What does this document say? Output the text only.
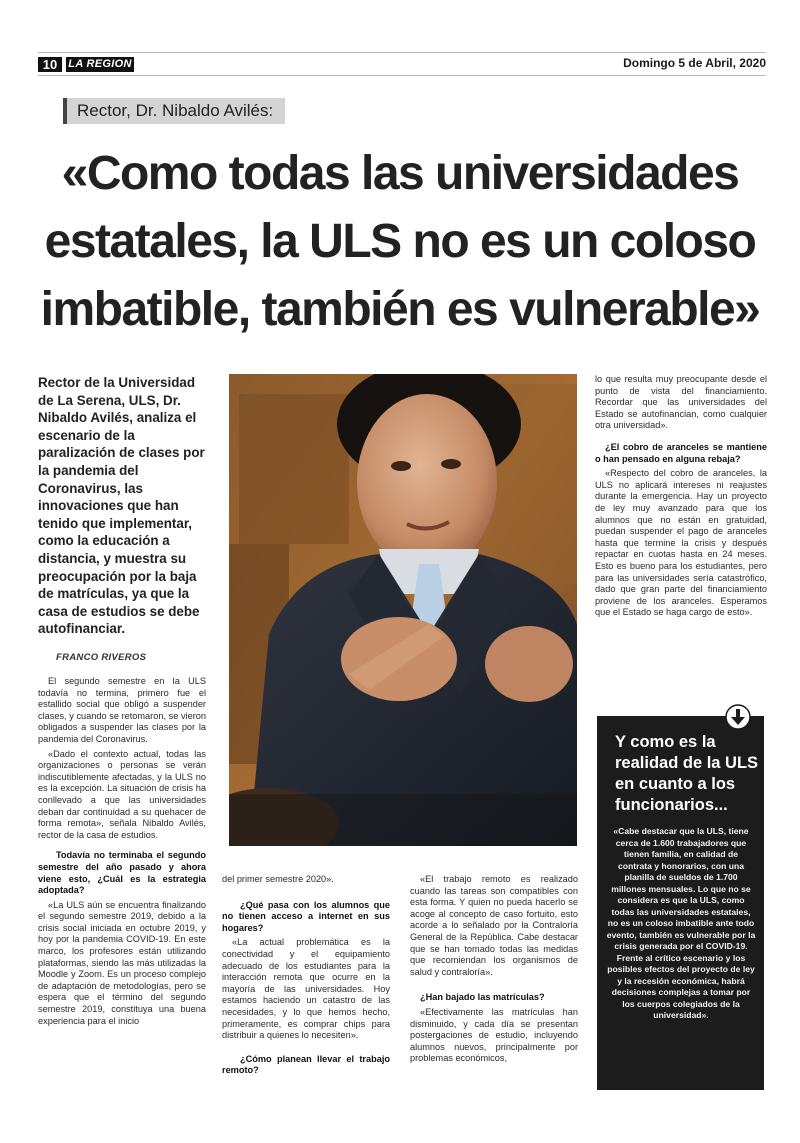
10	LA REGION	Domingo 5 de Abril, 2020
Rector, Dr. Nibaldo Avilés:
«Como todas las universidades estatales, la ULS no es un coloso imbatible, también es vulnerable»

Rector de la Universidad de La Serena, ULS, Dr. Nibaldo Avilés, analiza el escenario de la paralización de clases por la pandemia del Coronavirus, las innovaciones que han tenido que implementar, como la educación a distancia, y muestra su preocupación por la baja de matrículas, ya que la casa de estudios se debe autofinanciar.

FRANCO RIVEROS

El segundo semestre en la ULS todavía no termina, primero fue el estallido social que obligó a suspender clases, y cuando se retomaron, se vieron obligados a suspender las clases por la pandemia del Coronavirus.

«Dado el contexto actual, todas las organizaciones o personas se verán indiscutiblemente afectadas, y la ULS no es la excepción. La situación de crisis ha conllevado a que las universidades deban dar continuidad a su quehacer de forma remota», señala Nibaldo Avilés, rector de la casa de estudios.

Todavía no terminaba el segundo semestre del año pasado y ahora viene esto, ¿Cuál es la estrategia adoptada?

«La ULS aún se encuentra finalizando el segundo semestre 2019, debido a la crisis social iniciada en octubre 2019, y hoy por la pandemia COVID-19. En este marco, los profesores están utilizando plataformas, siendo las más utilizadas la Moodle y Zoom. Es un proceso complejo de adaptación de metodologías, pero se espera que el término del segundo semestre 2019, constituya una buena experiencia para el inicio

del primer semestre 2020».

¿Qué pasa con los alumnos que no tienen acceso a internet en sus hogares?

«La actual problemática es la conectividad y el equipamiento adecuado de los estudiantes para la interacción remota que ocurre en la mayoría de las universidades. Hoy estamos haciendo un catastro de las necesidades, y lo que hemos hecho, primeramente, es comprar chips para distribuir a quienes lo necesiten».

¿Cómo planean llevar el trabajo remoto?

«El trabajo remoto es realizado cuando las tareas son compatibles con esta forma. Y quien no pueda hacerlo se acoge al concepto de caso fortuito, esto acorde a lo señalado por la Contraloría General de la República. Cabe destacar que se han tomado todas las medidas que recomiendan los organismos de salud y contraloría».

¿Han bajado las matrículas?

«Efectivamente las matrículas han disminuido, y cada día se presentan postergaciones de estudio, incluyendo alumnos nuevos, principalmente por problemas económicos,

lo que resulta muy preocupante desde el punto de vista del financiamiento. Recordar que las universidades del Estado se autofinancian, como cualquier otra universidad».

¿El cobro de aranceles se mantiene o han pensado en alguna rebaja?

«Respecto del cobro de aranceles, la ULS no aplicará intereses ni reajustes durante la emergencia. Hay un proyecto de ley muy avanzado para que los alumnos que no están en gratuidad, puedan suspender el pago de aranceles hasta que termine la crisis y después repactar en cuotas hasta en 24 meses. Esto es bueno para los estudiantes, pero para las universidades sería catastrófico, dado que gran parte del financiamiento proviene de los aranceles. Esperamos que el Estado se haga cargo de esto».

Y como es la realidad de la ULS en cuanto a los funcionarios...

«Cabe destacar que la ULS, tiene cerca de 1.600 trabajadores que tienen familia, en calidad de contrata y honorarios, con una planilla de sueldos de 1.700 millones mensuales. Lo que no se considera es que la ULS, como todas las universidades estatales, no es un coloso imbatible ante todo evento, también es vulnerable por la crisis generada por el COVID-19. Frente al crítico escenario y los posibles efectos del proyecto de ley y la recesión económica, habrá decisiones complejas a tomar por los cuerpos colegiados de la universidad».
